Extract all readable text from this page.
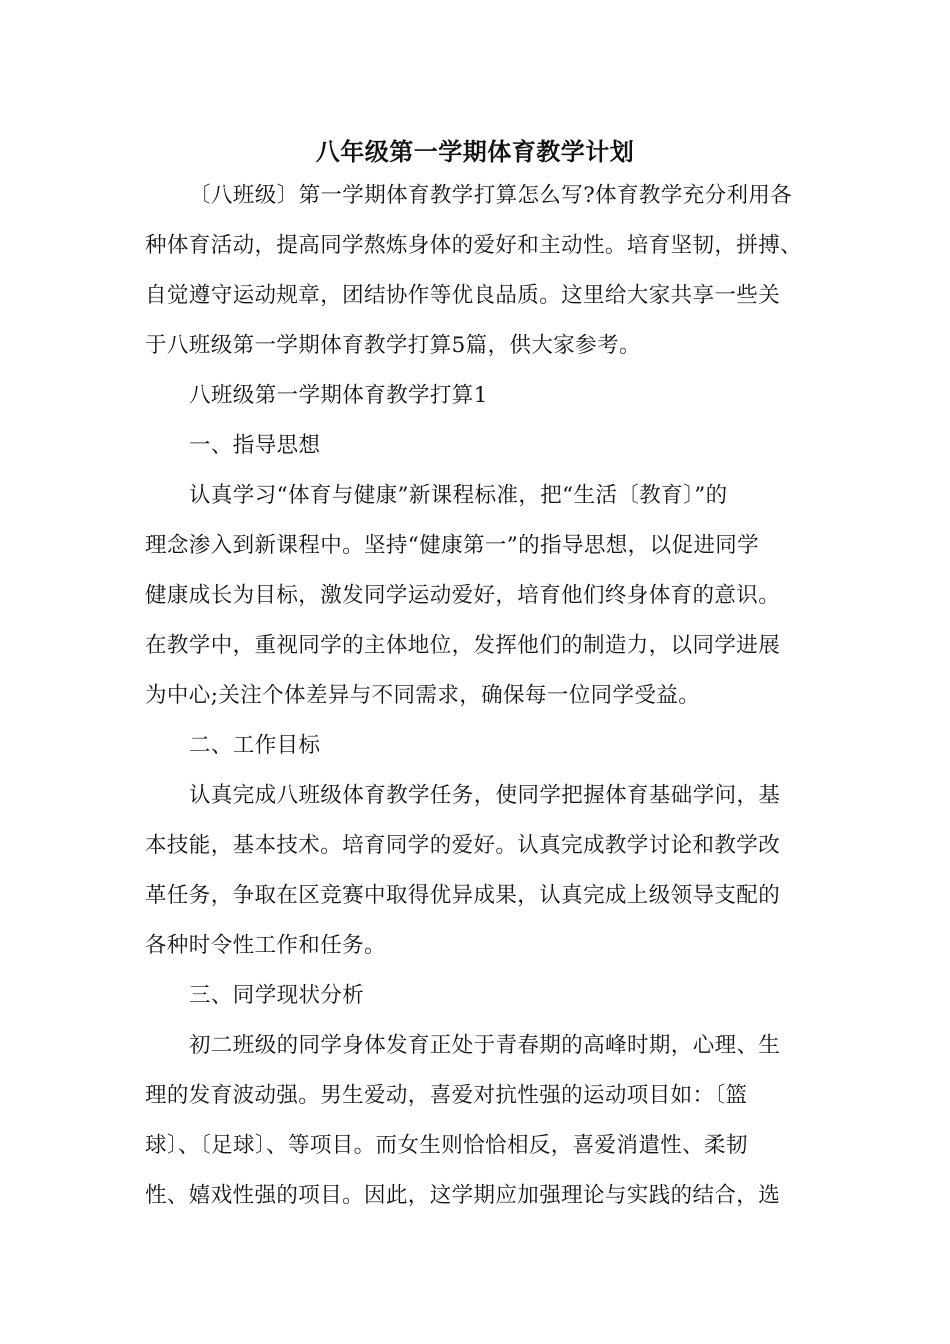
八年级第一学期体育教学计划
〔八班级〕第一学期体育教学打算怎么写?体育教学充分利用各
种体育活动，提高同学熬炼身体的爱好和主动性。培育坚韧，拼搏、
自觉遵守运动规章，团结协作等优良品质。这里给大家共享一些关
于八班级第一学期体育教学打算5篇，供大家参考。
八班级第一学期体育教学打算1
一、指导思想
认真学习“体育与健康”新课程标准，把“生活〔教育〕”的
理念渗入到新课程中。坚持“健康第一”的指导思想，以促进同学
健康成长为目标，激发同学运动爱好，培育他们终身体育的意识。
在教学中，重视同学的主体地位，发挥他们的制造力，以同学进展
为中心;关注个体差异与不同需求，确保每一位同学受益。
二、工作目标
认真完成八班级体育教学任务，使同学把握体育基础学问，基
本技能，基本技术。培育同学的爱好。认真完成教学讨论和教学改
革任务，争取在区竞赛中取得优异成果，认真完成上级领导支配的
各种时令性工作和任务。
三、同学现状分析
初二班级的同学身体发育正处于青春期的高峰时期，心理、生
理的发育波动强。男生爱动，喜爱对抗性强的运动项目如：〔篮
球〕、〔足球〕、等项目。而女生则恰恰相反，喜爱消遣性、柔韧
性、嬉戏性强的项目。因此，这学期应加强理论与实践的结合，选
